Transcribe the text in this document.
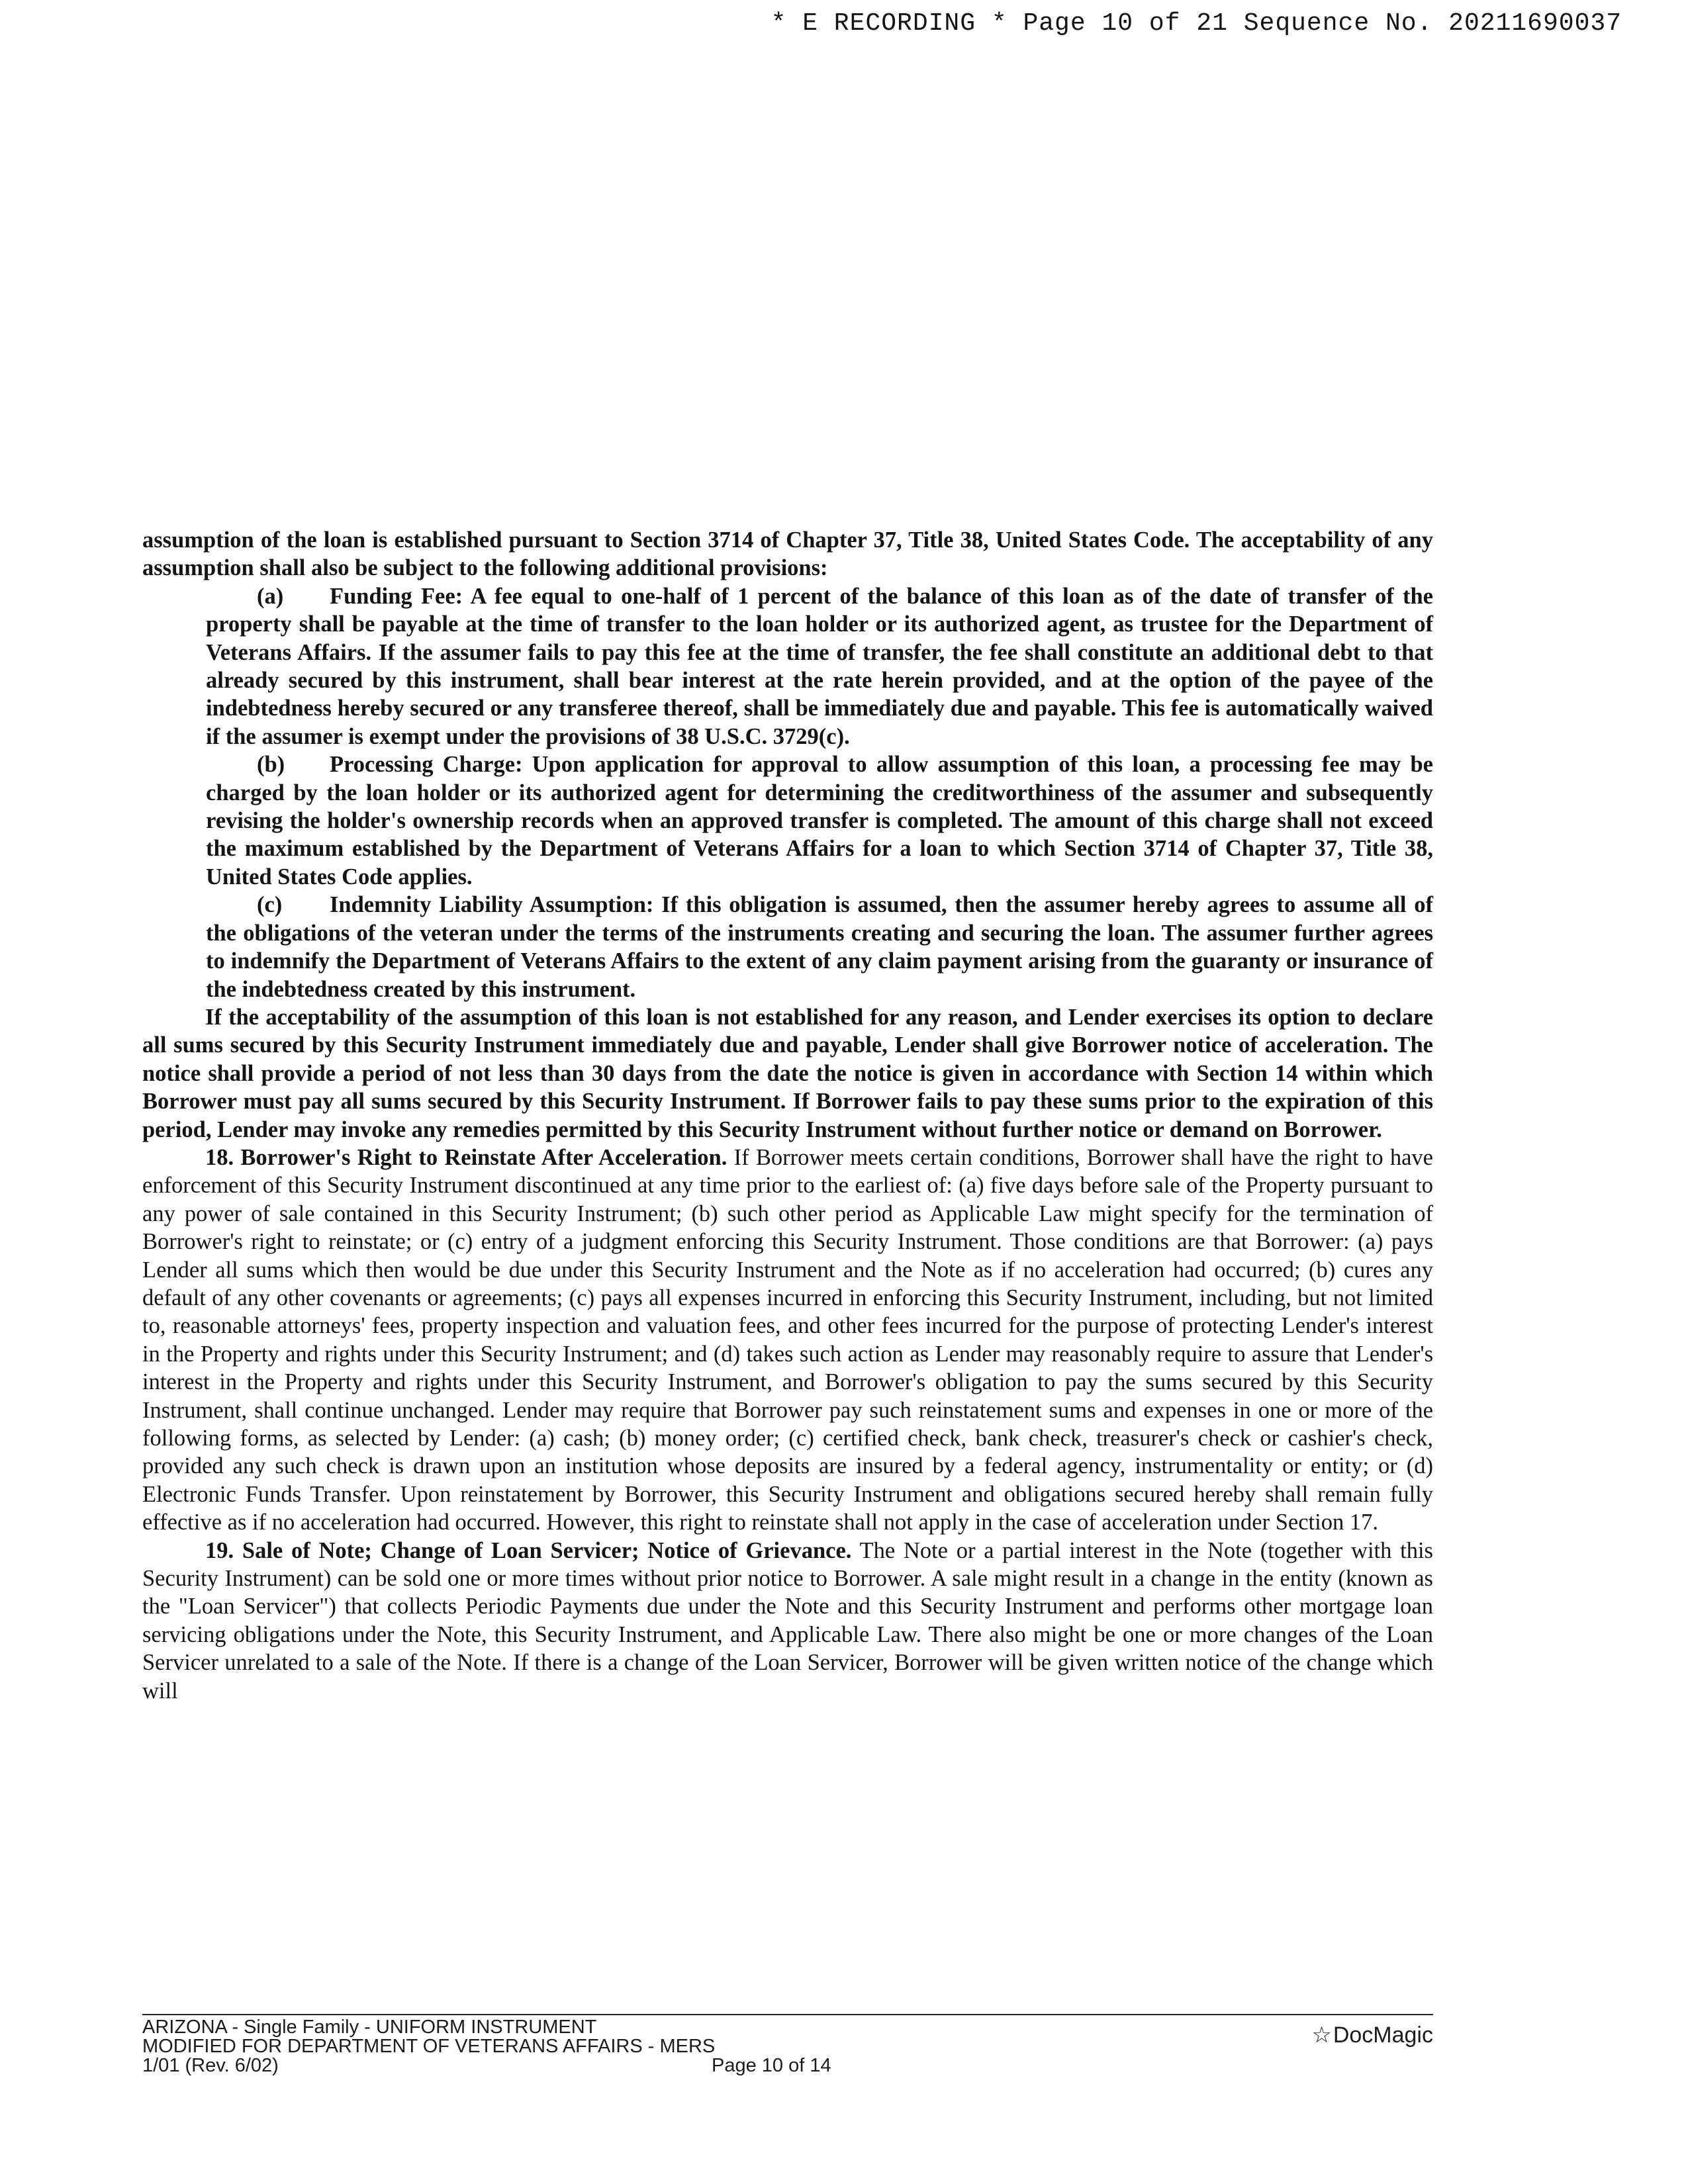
* E RECORDING * Page 10 of 21 Sequence No. 20211690037

assumption of the loan is established pursuant to Section 3714 of Chapter 37, Title 38, United States Code. The acceptability of any assumption shall also be subject to the following additional provisions:

(a) Funding Fee: A fee equal to one-half of 1 percent of the balance of this loan as of the date of transfer of the property shall be payable at the time of transfer to the loan holder or its authorized agent, as trustee for the Department of Veterans Affairs. If the assumer fails to pay this fee at the time of transfer, the fee shall constitute an additional debt to that already secured by this instrument, shall bear interest at the rate herein provided, and at the option of the payee of the indebtedness hereby secured or any transferee thereof, shall be immediately due and payable. This fee is automatically waived if the assumer is exempt under the provisions of 38 U.S.C. 3729(c).

(b) Processing Charge: Upon application for approval to allow assumption of this loan, a processing fee may be charged by the loan holder or its authorized agent for determining the creditworthiness of the assumer and subsequently revising the holder's ownership records when an approved transfer is completed. The amount of this charge shall not exceed the maximum established by the Department of Veterans Affairs for a loan to which Section 3714 of Chapter 37, Title 38, United States Code applies.

(c) Indemnity Liability Assumption: If this obligation is assumed, then the assumer hereby agrees to assume all of the obligations of the veteran under the terms of the instruments creating and securing the loan. The assumer further agrees to indemnify the Department of Veterans Affairs to the extent of any claim payment arising from the guaranty or insurance of the indebtedness created by this instrument.

If the acceptability of the assumption of this loan is not established for any reason, and Lender exercises its option to declare all sums secured by this Security Instrument immediately due and payable, Lender shall give Borrower notice of acceleration. The notice shall provide a period of not less than 30 days from the date the notice is given in accordance with Section 14 within which Borrower must pay all sums secured by this Security Instrument. If Borrower fails to pay these sums prior to the expiration of this period, Lender may invoke any remedies permitted by this Security Instrument without further notice or demand on Borrower.

18. Borrower's Right to Reinstate After Acceleration. If Borrower meets certain conditions, Borrower shall have the right to have enforcement of this Security Instrument discontinued at any time prior to the earliest of: (a) five days before sale of the Property pursuant to any power of sale contained in this Security Instrument; (b) such other period as Applicable Law might specify for the termination of Borrower's right to reinstate; or (c) entry of a judgment enforcing this Security Instrument. Those conditions are that Borrower: (a) pays Lender all sums which then would be due under this Security Instrument and the Note as if no acceleration had occurred; (b) cures any default of any other covenants or agreements; (c) pays all expenses incurred in enforcing this Security Instrument, including, but not limited to, reasonable attorneys' fees, property inspection and valuation fees, and other fees incurred for the purpose of protecting Lender's interest in the Property and rights under this Security Instrument; and (d) takes such action as Lender may reasonably require to assure that Lender's interest in the Property and rights under this Security Instrument, and Borrower's obligation to pay the sums secured by this Security Instrument, shall continue unchanged. Lender may require that Borrower pay such reinstatement sums and expenses in one or more of the following forms, as selected by Lender: (a) cash; (b) money order; (c) certified check, bank check, treasurer's check or cashier's check, provided any such check is drawn upon an institution whose deposits are insured by a federal agency, instrumentality or entity; or (d) Electronic Funds Transfer. Upon reinstatement by Borrower, this Security Instrument and obligations secured hereby shall remain fully effective as if no acceleration had occurred. However, this right to reinstate shall not apply in the case of acceleration under Section 17.

19. Sale of Note; Change of Loan Servicer; Notice of Grievance. The Note or a partial interest in the Note (together with this Security Instrument) can be sold one or more times without prior notice to Borrower. A sale might result in a change in the entity (known as the "Loan Servicer") that collects Periodic Payments due under the Note and this Security Instrument and performs other mortgage loan servicing obligations under the Note, this Security Instrument, and Applicable Law. There also might be one or more changes of the Loan Servicer unrelated to a sale of the Note. If there is a change of the Loan Servicer, Borrower will be given written notice of the change which will

ARIZONA - Single Family - UNIFORM INSTRUMENT
MODIFIED FOR DEPARTMENT OF VETERANS AFFAIRS - MERS
1/01 (Rev. 6/02)	Page 10 of 14
☆DocMagic
